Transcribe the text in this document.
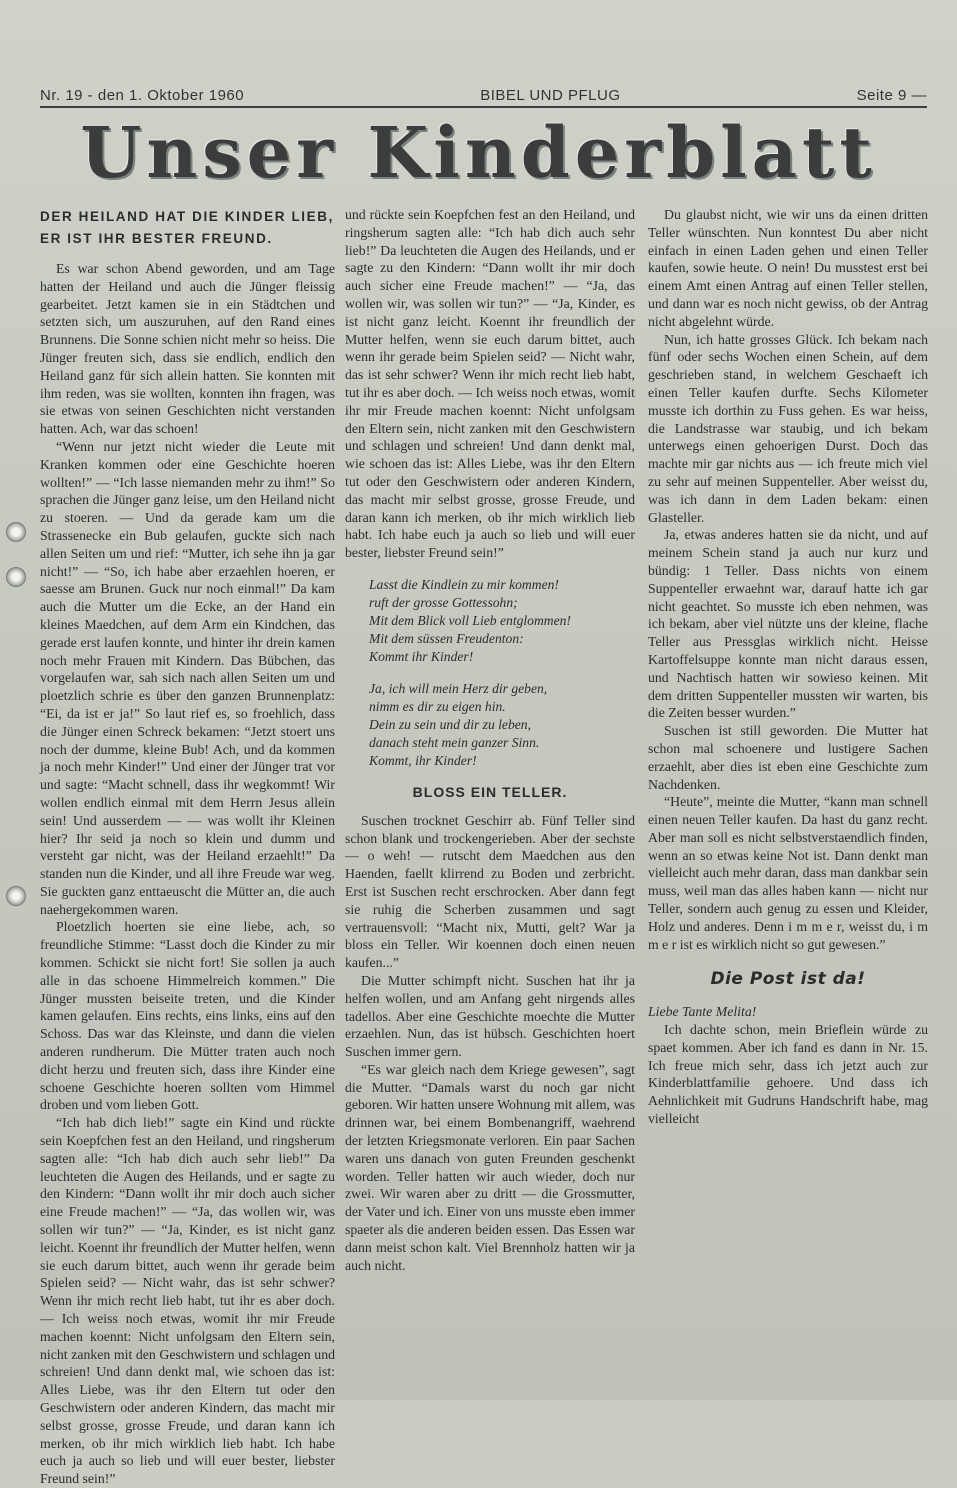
Nr. 19 - den 1. Oktober 1960	BIBEL UND PFLUG	Seite 9 —
Unser Kinderblatt

DER HEILAND HAT DIE KINDER LIEB, ER IST IHR BESTER FREUND.

Es war schon Abend geworden, und am Tage hatten der Heiland und auch die Jünger fleissig gearbeitet. Jetzt kamen sie in ein Städtchen und setzten sich, um auszuruhen, auf den Rand eines Brunnens. Die Sonne schien nicht mehr so heiss. Die Jünger freuten sich, dass sie endlich, endlich den Heiland ganz für sich allein hatten. Sie konnten mit ihm reden, was sie wollten, konnten ihn fragen, was sie etwas von seinen Geschichten nicht verstanden hatten. Ach, war das schoen!

“Wenn nur jetzt nicht wieder die Leute mit Kranken kommen oder eine Geschichte hoeren wollten!” — “Ich lasse niemanden mehr zu ihm!” So sprachen die Jünger ganz leise, um den Heiland nicht zu stoeren. — Und da gerade kam um die Strassenecke ein Bub gelaufen, guckte sich nach allen Seiten um und rief: “Mutter, ich sehe ihn ja gar nicht!” — “So, ich habe aber erzaehlen hoeren, er saesse am Brunen. Guck nur noch einmal!” Da kam auch die Mutter um die Ecke, an der Hand ein kleines Maedchen, auf dem Arm ein Kindchen, das gerade erst laufen konnte, und hinter ihr drein kamen noch mehr Frauen mit Kindern. Das Bübchen, das vorgelaufen war, sah sich nach allen Seiten um und ploetzlich schrie es über den ganzen Brunnenplatz: “Ei, da ist er ja!” So laut rief es, so froehlich, dass die Jünger einen Schreck bekamen: “Jetzt stoert uns noch der dumme, kleine Bub! Ach, und da kommen ja noch mehr Kinder!” Und einer der Jünger trat vor und sagte: “Macht schnell, dass ihr wegkommt! Wir wollen endlich einmal mit dem Herrn Jesus allein sein! Und ausserdem — — was wollt ihr Kleinen hier? Ihr seid ja noch so klein und dumm und versteht gar nicht, was der Heiland erzaehlt!” Da standen nun die Kinder, und all ihre Freude war weg. Sie guckten ganz enttaeuscht die Mütter an, die auch naehergekommen waren.

Ploetzlich hoerten sie eine liebe, ach, so freundliche Stimme: “Lasst doch die Kinder zu mir kommen. Schickt sie nicht fort! Sie sollen ja auch alle in das schoene Himmelreich kommen.” Die Jünger mussten beiseite treten, und die Kinder kamen gelaufen. Eins rechts, eins links, eins auf den Schoss. Das war das Kleinste, und dann die vielen anderen rundherum. Die Mütter traten auch noch dicht herzu und freuten sich, dass ihre Kinder eine schoene Geschichte hoeren sollten vom Himmel droben und vom lieben Gott.

“Ich hab dich lieb!” sagte ein Kind und rückte sein Koepfchen fest an den Heiland, und ringsherum sagten alle: “Ich hab dich auch sehr lieb!” Da leuchteten die Augen des Heilands, und er sagte zu den Kindern: “Dann wollt ihr mir doch auch sicher eine Freude machen!” — “Ja, das wollen wir, was sollen wir tun?” — “Ja, Kinder, es ist nicht ganz leicht. Koennt ihr freundlich der Mutter helfen, wenn sie euch darum bittet, auch wenn ihr gerade beim Spielen seid? — Nicht wahr, das ist sehr schwer? Wenn ihr mich recht lieb habt, tut ihr es aber doch. — Ich weiss noch etwas, womit ihr mir Freude machen koennt: Nicht unfolgsam den Eltern sein, nicht zanken mit den Geschwistern und schlagen und schreien! Und dann denkt mal, wie schoen das ist: Alles Liebe, was ihr den Eltern tut oder den Geschwistern oder anderen Kindern, das macht mir selbst grosse, grosse Freude, und daran kann ich merken, ob ihr mich wirklich lieb habt. Ich habe euch ja auch so lieb und will euer bester, liebster Freund sein!”

und rückte sein Koepfchen fest an den Heiland, und ringsherum sagten alle: “Ich hab dich auch sehr lieb!” Da leuchteten die Augen des Heilands, und er sagte zu den Kindern: “Dann wollt ihr mir doch auch sicher eine Freude machen!” — “Ja, das wollen wir, was sollen wir tun?” — “Ja, Kinder, es ist nicht ganz leicht. Koennt ihr freundlich der Mutter helfen, wenn sie euch darum bittet, auch wenn ihr gerade beim Spielen seid? — Nicht wahr, das ist sehr schwer? Wenn ihr mich recht lieb habt, tut ihr es aber doch. — Ich weiss noch etwas, womit ihr mir Freude machen koennt: Nicht unfolgsam den Eltern sein, nicht zanken mit den Geschwistern und schlagen und schreien! Und dann denkt mal, wie schoen das ist: Alles Liebe, was ihr den Eltern tut oder den Geschwistern oder anderen Kindern, das macht mir selbst grosse, grosse Freude, und daran kann ich merken, ob ihr mich wirklich lieb habt. Ich habe euch ja auch so lieb und will euer bester, liebster Freund sein!”

Lasst die Kindlein zu mir kommen!
ruft der grosse Gottessohn;
Mit dem Blick voll Lieb entglommen!
Mit dem süssen Freudenton:
Kommt ihr Kinder!
Ja, ich will mein Herz dir geben,
nimm es dir zu eigen hin.
Dein zu sein und dir zu leben,
danach steht mein ganzer Sinn.
Kommt, ihr Kinder!
BLOSS EIN TELLER.

Suschen trocknet Geschirr ab. Fünf Teller sind schon blank und trockengerieben. Aber der sechste — o weh! — rutscht dem Maedchen aus den Haenden, faellt klirrend zu Boden und zerbricht. Erst ist Suschen recht erschrocken. Aber dann fegt sie ruhig die Scherben zusammen und sagt vertrauensvoll: “Macht nix, Mutti, gelt? War ja bloss ein Teller. Wir koennen doch einen neuen kaufen...”

Die Mutter schimpft nicht. Suschen hat ihr ja helfen wollen, und am Anfang geht nirgends alles tadellos. Aber eine Geschichte moechte die Mutter erzaehlen. Nun, das ist hübsch. Geschichten hoert Suschen immer gern.

“Es war gleich nach dem Kriege gewesen”, sagt die Mutter. “Damals warst du noch gar nicht geboren. Wir hatten unsere Wohnung mit allem, was drinnen war, bei einem Bombenangriff, waehrend der letzten Kriegsmonate verloren. Ein paar Sachen waren uns danach von guten Freunden geschenkt worden. Teller hatten wir auch wieder, doch nur zwei. Wir waren aber zu dritt — die Grossmutter, der Vater und ich. Einer von uns musste eben immer spaeter als die anderen beiden essen. Das Essen war dann meist schon kalt. Viel Brennholz hatten wir ja auch nicht.

Du glaubst nicht, wie wir uns da einen dritten Teller wünschten. Nun konntest Du aber nicht einfach in einen Laden gehen und einen Teller kaufen, sowie heute. O nein! Du musstest erst bei einem Amt einen Antrag auf einen Teller stellen, und dann war es noch nicht gewiss, ob der Antrag nicht abgelehnt würde.

Nun, ich hatte grosses Glück. Ich bekam nach fünf oder sechs Wochen einen Schein, auf dem geschrieben stand, in welchem Geschaeft ich einen Teller kaufen durfte. Sechs Kilometer musste ich dorthin zu Fuss gehen. Es war heiss, die Landstrasse war staubig, und ich bekam unterwegs einen gehoerigen Durst. Doch das machte mir gar nichts aus — ich freute mich viel zu sehr auf meinen Suppenteller. Aber weisst du, was ich dann in dem Laden bekam: einen Glasteller.

Ja, etwas anderes hatten sie da nicht, und auf meinem Schein stand ja auch nur kurz und bündig: 1 Teller. Dass nichts von einem Suppenteller erwaehnt war, darauf hatte ich gar nicht geachtet. So musste ich eben nehmen, was ich bekam, aber viel nützte uns der kleine, flache Teller aus Pressglas wirklich nicht. Heisse Kartoffelsuppe konnte man nicht daraus essen, und Nachtisch hatten wir sowieso keinen. Mit dem dritten Suppenteller mussten wir warten, bis die Zeiten besser wurden.”

Suschen ist still geworden. Die Mutter hat schon mal schoenere und lustigere Sachen erzaehlt, aber dies ist eben eine Geschichte zum Nachdenken.

“Heute”, meinte die Mutter, “kann man schnell einen neuen Teller kaufen. Da hast du ganz recht. Aber man soll es nicht selbstverstaendlich finden, wenn an so etwas keine Not ist. Dann denkt man vielleicht auch mehr daran, dass man dankbar sein muss, weil man das alles haben kann — nicht nur Teller, sondern auch genug zu essen und Kleider, Holz und anderes. Denn i m m e r, weisst du, i m m e r ist es wirklich nicht so gut gewesen.”

Die Post ist da!

Liebe Tante Melita!

Ich dachte schon, mein Brieflein würde zu spaet kommen. Aber ich fand es dann in Nr. 15. Ich freue mich sehr, dass ich jetzt auch zur Kinderblattfamilie gehoere. Und dass ich Aehnlichkeit mit Gudruns Handschrift habe, mag vielleicht
